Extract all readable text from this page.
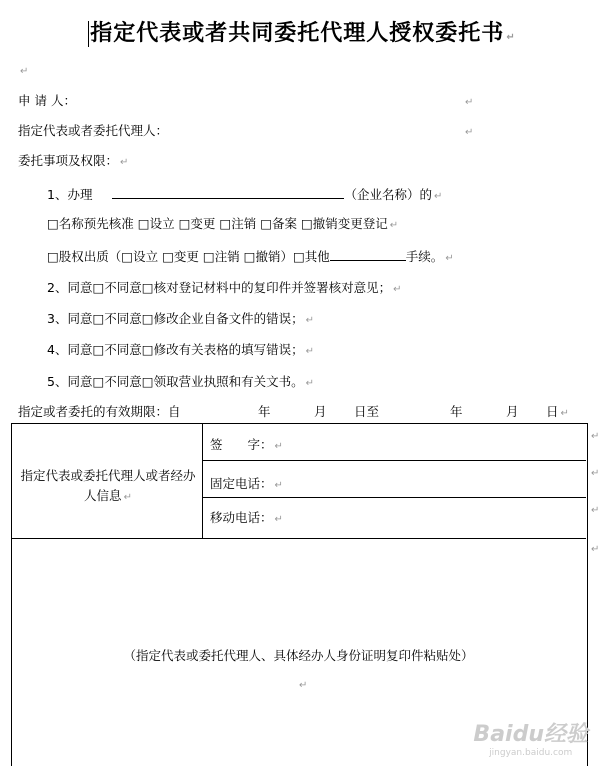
指定代表或者共同委托代理人授权委托书 ↵
↵
申 请 人：	↵
指定代表或者委托代理人：	↵
委托事项及权限： ↵
1、办理	（企业名称）的 ↵
□名称预先核准 □设立 □变更 □注销 □备案 □撤销变更登记 ↵
□股权出质（□设立 □变更 □注销 □撤销）□其他	手续。 ↵
2、同意□不同意□核对登记材料中的复印件并签署核对意见； ↵
3、同意□不同意□修改企业自备文件的错误； ↵
4、同意□不同意□修改有关表格的填写错误； ↵
5、同意□不同意□领取营业执照和有关文书。 ↵
指定或者委托的有效期限：自	年	月 日至	年	月 日 ↵
指定代表或委托代理人或者经办人信息 ↵
签　　字： ↵
固定电话： ↵
移动电话： ↵
↵
↵
↵
↵
（指定代表或委托代理人、具体经办人身份证明复印件粘贴处）
↵
Baidu经验
jingyan.baidu.com
